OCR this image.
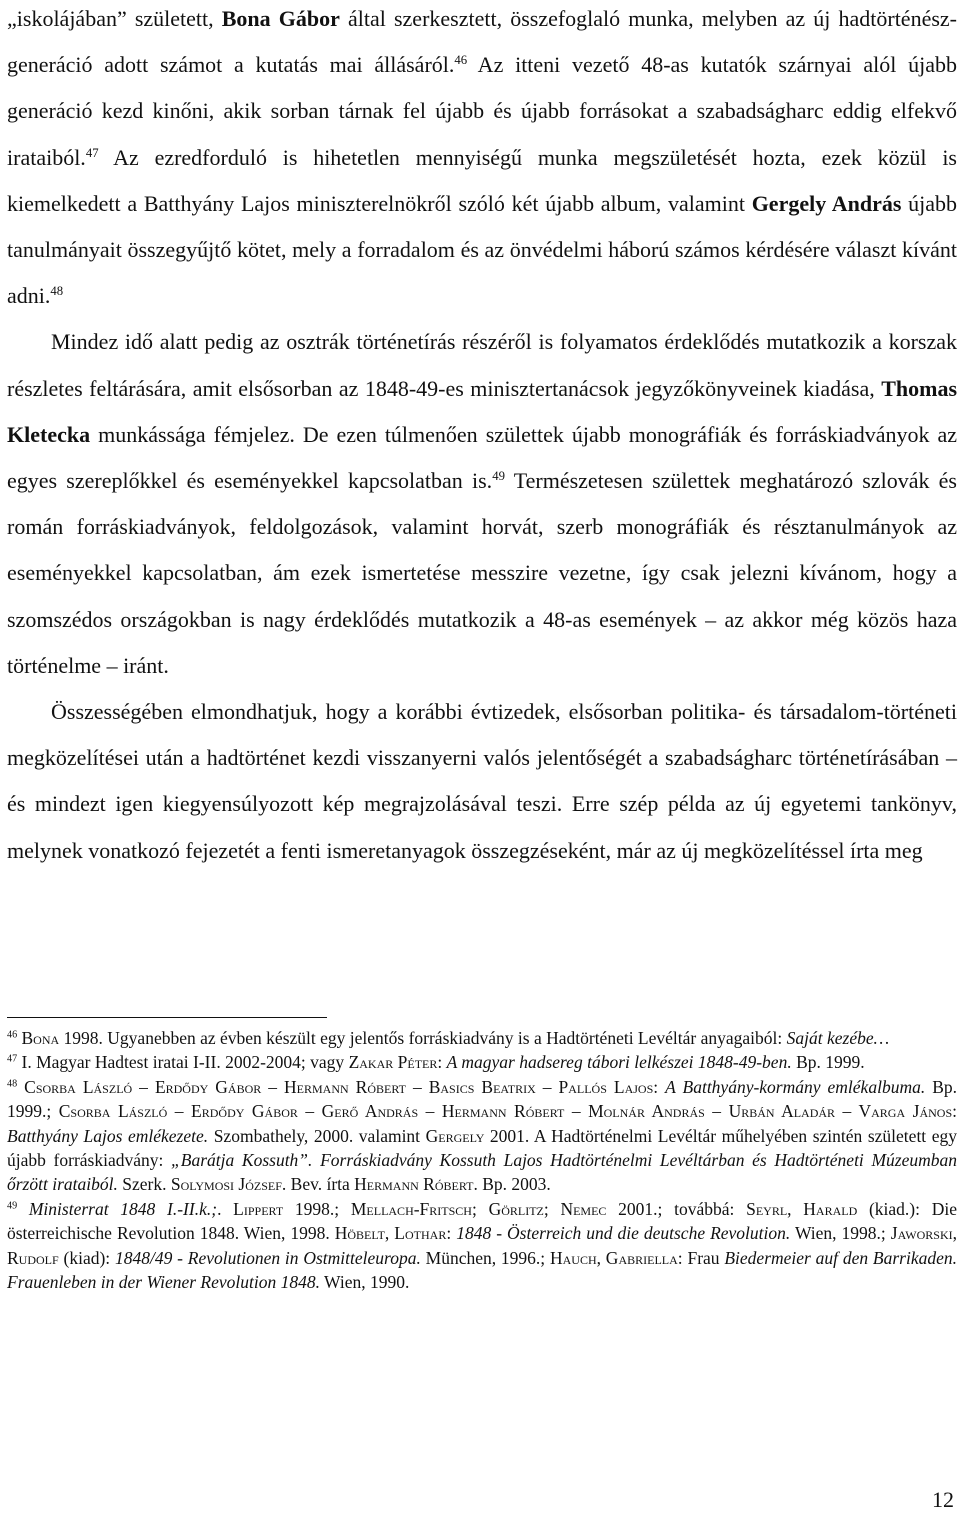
„iskolájában” született, Bona Gábor által szerkesztett, összefoglaló munka, melyben az új hadtörténész-generáció adott számot a kutatás mai állásáról.$^{46}$ Az itteni vezető 48-as kutatók szárnyai alól újabb generáció kezd kinőni, akik sorban tárnak fel újabb és újabb forrásokat a szabadságharc eddig elfekvő irataiból.$^{47}$ Az ezredforduló is hihetetlen mennyiségű munka megszületését hozta, ezek közül is kiemelkedett a Batthyány Lajos miniszterelnökről szóló két újabb album, valamint Gergely András újabb tanulmányait összegyűjtő kötet, mely a forradalom és az önvédelmi háború számos kérdésére választ kívánt adni.$^{48}$

Mindez idő alatt pedig az osztrák történetírás részéről is folyamatos érdeklődés mutatkozik a korszak részletes feltárására, amit elsősorban az 1848-49-es minisztertanácsok jegyzőkönyveinek kiadása, Thomas Kletecka munkássága fémjelez. De ezen túlmenően születtek újabb monográfiák és forráskiadványok az egyes szereplőkkel és eseményekkel kapcsolatban is.$^{49}$ Természetesen születtek meghatározó szlovák és román forráskiadványok, feldolgozások, valamint horvát, szerb monográfiák és résztanulmányok az eseményekkel kapcsolatban, ám ezek ismertetése messzire vezetne, így csak jelezni kívánom, hogy a szomszédos országokban is nagy érdeklődés mutatkozik a 48-as események – az akkor még közös haza történelme – iránt.

Összességében elmondhatjuk, hogy a korábbi évtizedek, elsősorban politika- és társadalom-történeti megközelítései után a hadtörténet kezdi visszanyerni valós jelentőségét a szabadságharc történetírásában – és mindezt igen kiegyensúlyozott kép megrajzolásával teszi. Erre szép példa az új egyetemi tankönyv, melynek vonatkozó fejezetét a fenti ismeretanyagok összegzéseként, már az új megközelítéssel írta meg

$^{46}$ Bona 1998. Ugyanebben az évben készült egy jelentős forráskiadvány is a Hadtörténeti Levéltár anyagaiból: Saját kezébe…

$^{47}$ I. Magyar Hadtest iratai I-II. 2002-2004; vagy Zakar Péter: A magyar hadsereg tábori lelkészei 1848-49-ben. Bp. 1999.

$^{48}$ Csorba László – Erdődy Gábor – Hermann Róbert – Basics Beatrix – Pallós Lajos: A Batthyány-kormány emlékalbuma. Bp. 1999.; Csorba László – Erdődy Gábor – Gerő András – Hermann Róbert – Molnár András – Urbán Aladár – Varga János: Batthyány Lajos emlékezete. Szombathely, 2000. valamint Gergely 2001. A Hadtörténelmi Levéltár műhelyében szintén született egy újabb forráskiadvány: „Barátja Kossuth”. Forráskiadvány Kossuth Lajos Hadtörténelmi Levéltárban és Hadtörténeti Múzeumban őrzött irataiból. Szerk. Solymosi József. Bev. írta Hermann Róbert. Bp. 2003.

$^{49}$ Ministerrat 1848 I.-II.k.;. Lippert 1998.; Mellach-Fritsch; Görlitz; Nemec 2001.; továbbá: Seyrl, Harald (kiad.): Die österreichische Revolution 1848. Wien, 1998. Höbelt, Lothar: 1848 - Österreich und die deutsche Revolution. Wien, 1998.; Jaworski, Rudolf (kiad): 1848/49 - Revolutionen in Ostmitteleuropa. München, 1996.; Hauch, Gabriella: Frau Biedermeier auf den Barrikaden. Frauenleben in der Wiener Revolution 1848. Wien, 1990.

12
